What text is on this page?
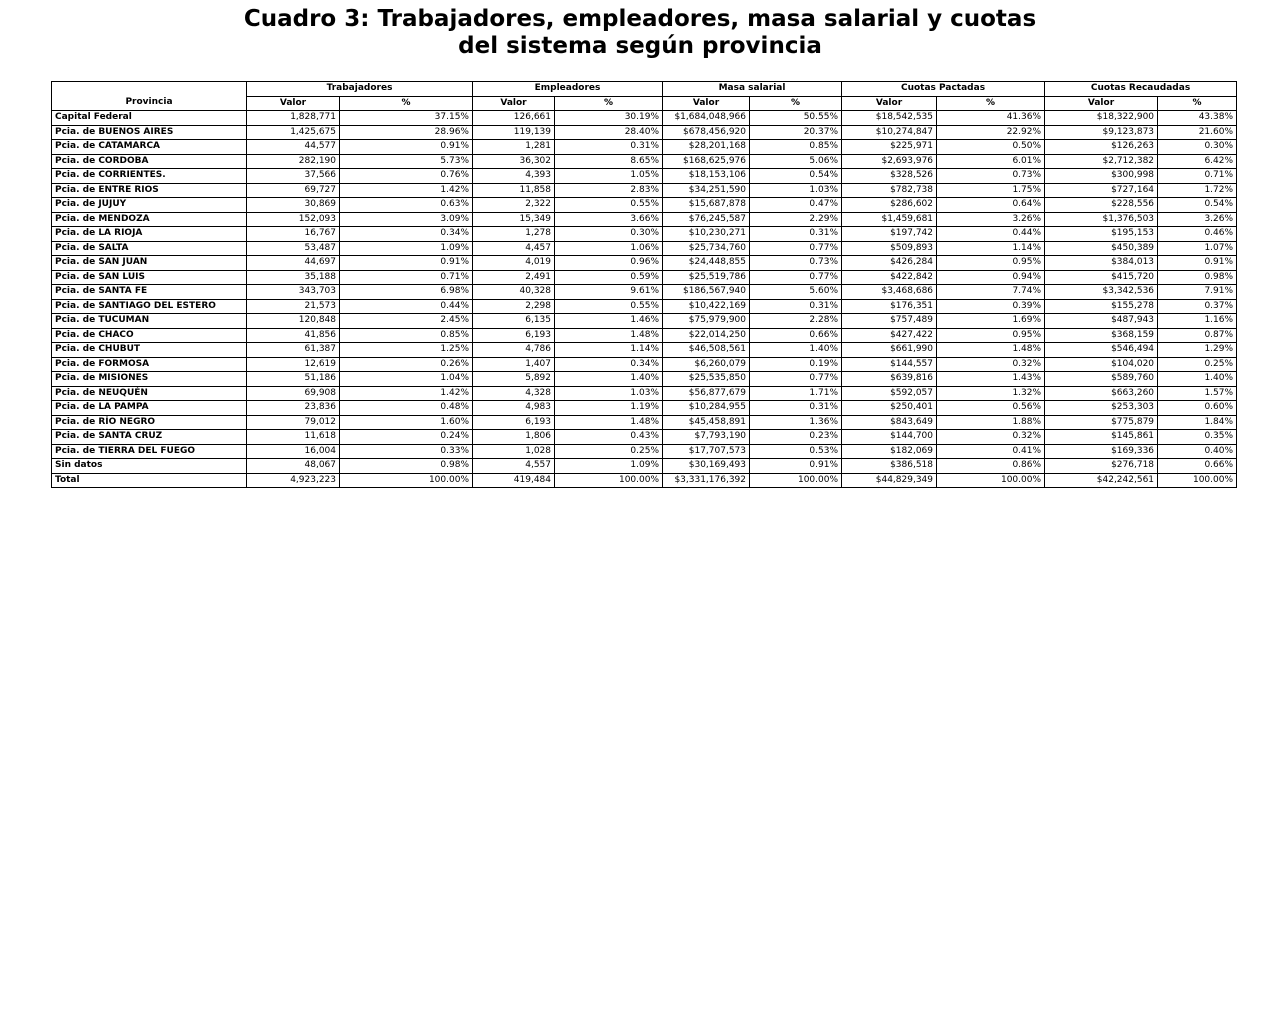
Cuadro 3: Trabajadores, empleadores, masa salarial y cuotas
del sistema según provincia
	Trabajadores		Empleadores		Masa salarial		Cuotas Pactadas		Cuotas Recaudadas	
Provincia	Valor	%	Valor	%	Valor	%	Valor	%	Valor	%
Capital Federal	1,828,771	37.15%	126,661	30.19%	$1,684,048,966	50.55%	$18,542,535	41.36%	$18,322,900	43.38%
Pcia. de BUENOS AIRES	1,425,675	28.96%	119,139	28.40%	$678,456,920	20.37%	$10,274,847	22.92%	$9,123,873	21.60%
Pcia. de CATAMARCA	44,577	0.91%	1,281	0.31%	$28,201,168	0.85%	$225,971	0.50%	$126,263	0.30%
Pcia. de CORDOBA	282,190	5.73%	36,302	8.65%	$168,625,976	5.06%	$2,693,976	6.01%	$2,712,382	6.42%
Pcia. de CORRIENTES.	37,566	0.76%	4,393	1.05%	$18,153,106	0.54%	$328,526	0.73%	$300,998	0.71%
Pcia. de ENTRE RIOS	69,727	1.42%	11,858	2.83%	$34,251,590	1.03%	$782,738	1.75%	$727,164	1.72%
Pcia. de JUJUY	30,869	0.63%	2,322	0.55%	$15,687,878	0.47%	$286,602	0.64%	$228,556	0.54%
Pcia. de MENDOZA	152,093	3.09%	15,349	3.66%	$76,245,587	2.29%	$1,459,681	3.26%	$1,376,503	3.26%
Pcia. de LA RIOJA	16,767	0.34%	1,278	0.30%	$10,230,271	0.31%	$197,742	0.44%	$195,153	0.46%
Pcia. de SALTA	53,487	1.09%	4,457	1.06%	$25,734,760	0.77%	$509,893	1.14%	$450,389	1.07%
Pcia. de SAN JUAN	44,697	0.91%	4,019	0.96%	$24,448,855	0.73%	$426,284	0.95%	$384,013	0.91%
Pcia. de SAN LUIS	35,188	0.71%	2,491	0.59%	$25,519,786	0.77%	$422,842	0.94%	$415,720	0.98%
Pcia. de SANTA FE	343,703	6.98%	40,328	9.61%	$186,567,940	5.60%	$3,468,686	7.74%	$3,342,536	7.91%
Pcia. de SANTIAGO DEL ESTERO	21,573	0.44%	2,298	0.55%	$10,422,169	0.31%	$176,351	0.39%	$155,278	0.37%
Pcia. de TUCUMAN	120,848	2.45%	6,135	1.46%	$75,979,900	2.28%	$757,489	1.69%	$487,943	1.16%
Pcia. de CHACO	41,856	0.85%	6,193	1.48%	$22,014,250	0.66%	$427,422	0.95%	$368,159	0.87%
Pcia. de CHUBUT	61,387	1.25%	4,786	1.14%	$46,508,561	1.40%	$661,990	1.48%	$546,494	1.29%
Pcia. de FORMOSA	12,619	0.26%	1,407	0.34%	$6,260,079	0.19%	$144,557	0.32%	$104,020	0.25%
Pcia. de MISIONES	51,186	1.04%	5,892	1.40%	$25,535,850	0.77%	$639,816	1.43%	$589,760	1.40%
Pcia. de NEUQUÉN	69,908	1.42%	4,328	1.03%	$56,877,679	1.71%	$592,057	1.32%	$663,260	1.57%
Pcia. de LA PAMPA	23,836	0.48%	4,983	1.19%	$10,284,955	0.31%	$250,401	0.56%	$253,303	0.60%
Pcia. de RÍO NEGRO	79,012	1.60%	6,193	1.48%	$45,458,891	1.36%	$843,649	1.88%	$775,879	1.84%
Pcia. de SANTA CRUZ	11,618	0.24%	1,806	0.43%	$7,793,190	0.23%	$144,700	0.32%	$145,861	0.35%
Pcia. de TIERRA DEL FUEGO	16,004	0.33%	1,028	0.25%	$17,707,573	0.53%	$182,069	0.41%	$169,336	0.40%
Sin datos	48,067	0.98%	4,557	1.09%	$30,169,493	0.91%	$386,518	0.86%	$276,718	0.66%
Total	4,923,223	100.00%	419,484	100.00%	$3,331,176,392	100.00%	$44,829,349	100.00%	$42,242,561	100.00%
